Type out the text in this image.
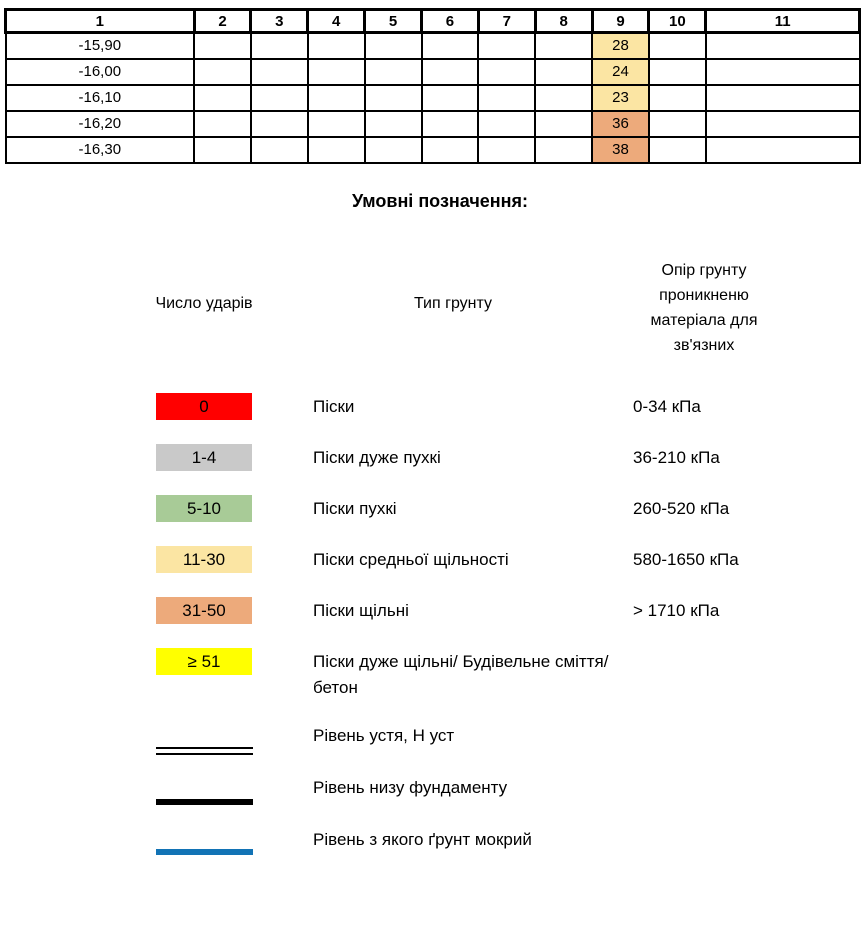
1	2	3	4	5	6	7	8	9	10	11
-15,90								28		
-16,00								24		
-16,10								23		
-16,20								36		
-16,30								38		
Умовні позначення:
Число ударів	Тип грунту
Опір грунту
проникненю
матеріала для
зв'язних
0	Піски	0-34 кПа
1-4	Піски дуже пухкі	36-210 кПа
5-10	Піски пухкі	260-520 кПа
11-30	Піски средньої щільності	580-1650 кПа
31-50	Піски щільні	> 1710 кПа
≥ 51	Піски дуже щільні/ Будівельне сміття/ бетон
Рівень устя, Н уст
Рівень низу фундаменту
Рівень з якого ґрунт мокрий
